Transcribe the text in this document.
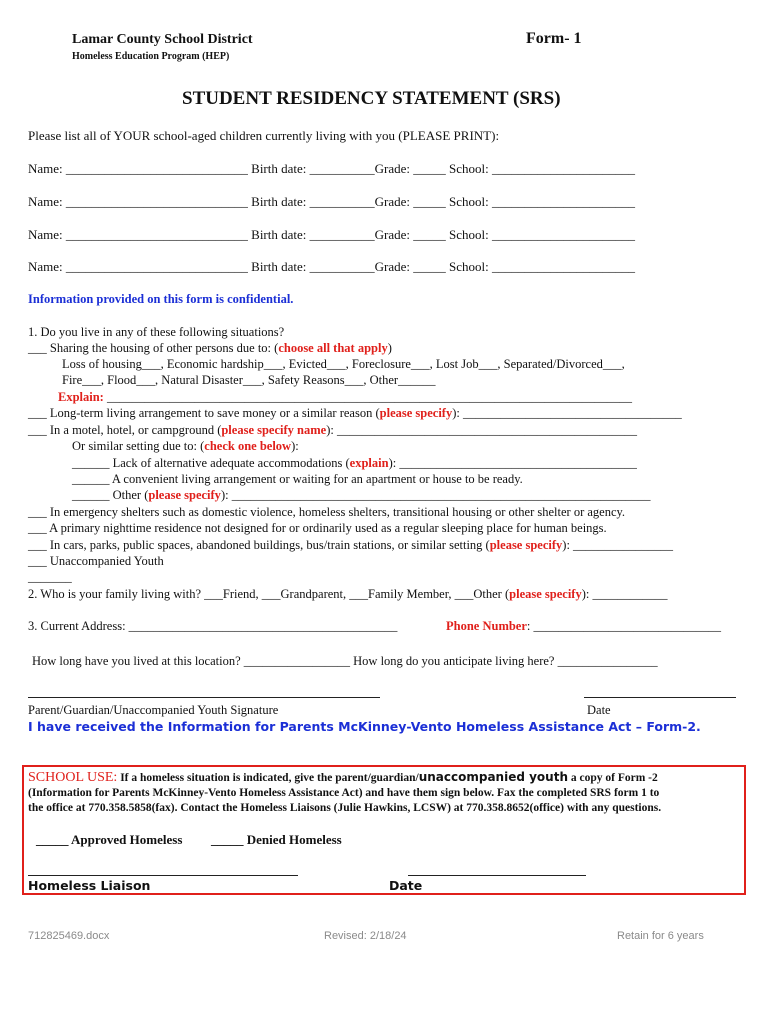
Lamar County School District
Homeless Education Program (HEP)
Form- 1
STUDENT RESIDENCY STATEMENT (SRS)
Please list all of YOUR school-aged children currently living with you (PLEASE PRINT):
Name: ____________________________ Birth date: __________Grade: _____ School: ______________________
Name: ____________________________ Birth date: __________Grade: _____ School: ______________________
Name: ____________________________ Birth date: __________Grade: _____ School: ______________________
Name: ____________________________ Birth date: __________Grade: _____ School: ______________________
Information provided on this form is confidential.
1. Do you live in any of these following situations?
___ Sharing the housing of other persons due to: (choose all that apply)
Loss of housing___, Economic hardship___, Evicted___, Foreclosure___, Lost Job___, Separated/Divorced___,
Fire___, Flood___, Natural Disaster___, Safety Reasons___, Other______
Explain: ____________________________________________________________________________________
___ Long-term living arrangement to save money or a similar reason (please specify): ___________________________________
___ In a motel, hotel, or campground (please specify name): ________________________________________________
Or similar setting due to: (check one below):
______ Lack of alternative adequate accommodations (explain): ______________________________________
______ A convenient living arrangement or waiting for an apartment or house to be ready.
______ Other (please specify): ___________________________________________________________________
___ In emergency shelters such as domestic violence, homeless shelters, transitional housing or other shelter or agency.
___ A primary nighttime residence not designed for or ordinarily used as a regular sleeping place for human beings.
___ In cars, parks, public spaces, abandoned buildings, bus/train stations, or similar setting (please specify): ________________
___ Unaccompanied Youth
_______
2. Who is your family living with? ___Friend, ___Grandparent, ___Family Member, ___Other (please specify): ____________
3. Current Address: ___________________________________________	Phone Number: ______________________________
How long have you lived at this location? _________________ How long do you anticipate living here? ________________
Parent/Guardian/Unaccompanied Youth Signature	Date
I have received the Information for Parents McKinney-Vento Homeless Assistance Act – Form-2.
SCHOOL USE: If a homeless situation is indicated, give the parent/guardian/unaccompanied youth a copy of Form -2
(Information for Parents McKinney-Vento Homeless Assistance Act) and have them sign below. Fax the completed SRS form 1 to
the office at 770.358.5858(fax). Contact the Homeless Liaisons (Julie Hawkins, LCSW) at 770.358.8652(office) with any questions.
_____ Approved Homeless _____ Denied Homeless
Homeless Liaison	Date
712825469.docx	Revised: 2/18/24	Retain for 6 years
